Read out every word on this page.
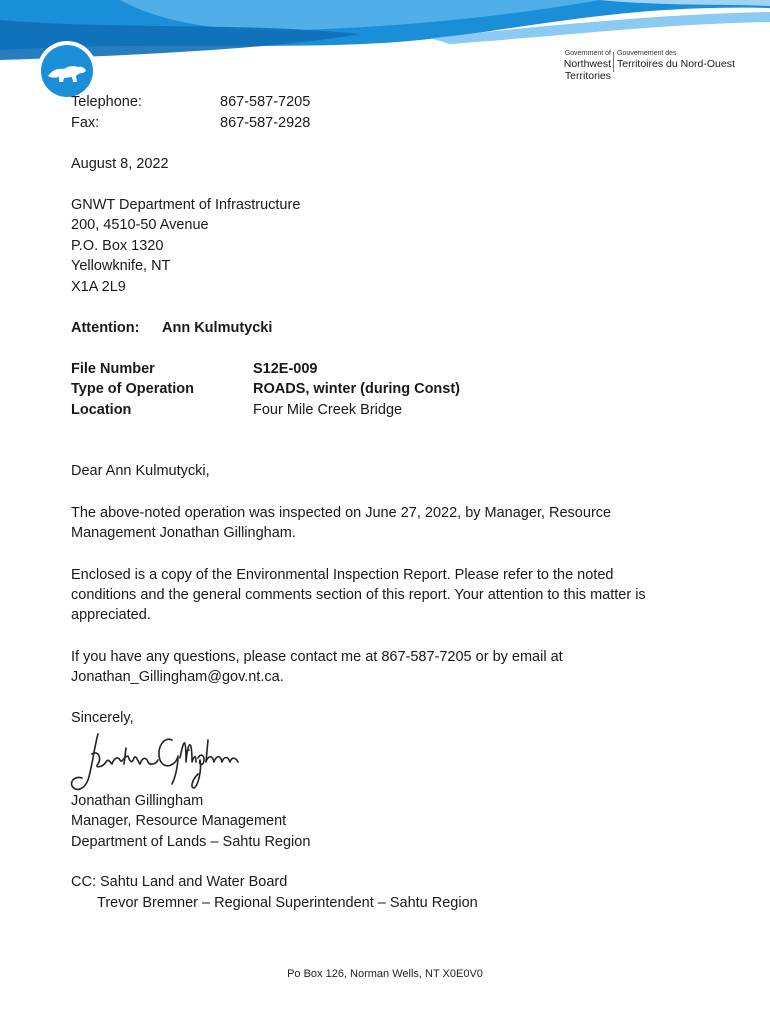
Government of
Northwest Territories
Gouvernement des
Territoires du Nord-Ouest
Telephone:	867-587-7205
Fax:	867-587-2928
August 8, 2022
GNWT Department of Infrastructure
200, 4510-50 Avenue
P.O. Box 1320
Yellowknife, NT
X1A 2L9
Attention: Ann Kulmutycki
File Number	S12E-009
Type of Operation	ROADS, winter (during Const)
Location	Four Mile Creek Bridge
Dear Ann Kulmutycki,
The above-noted operation was inspected on June 27, 2022, by Manager, Resource
Management Jonathan Gillingham.
Enclosed is a copy of the Environmental Inspection Report. Please refer to the noted
conditions and the general comments section of this report. Your attention to this matter is
appreciated.
If you have any questions, please contact me at 867-587-7205 or by email at
Jonathan_Gillingham@gov.nt.ca.
Sincerely,
Jonathan Gillingham
Manager, Resource Management
Department of Lands – Sahtu Region
CC: Sahtu Land and Water Board
Trevor Bremner – Regional Superintendent – Sahtu Region
Po Box 126, Norman Wells, NT X0E0V0
